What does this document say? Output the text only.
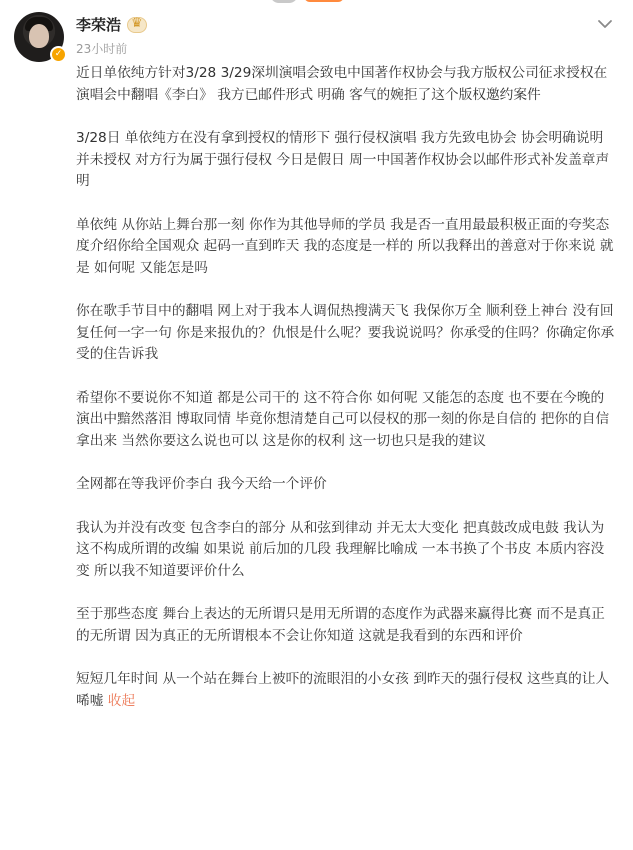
✓
李荣浩
♛
23小时前

近日单依纯方针对3/28 3/29深圳演唱会致电中国著作权协会与我方版权公司征求授权在演唱会中翻唱《李白》 我方已邮件形式 明确 客气的婉拒了这个版权邀约案件

3/28日 单依纯方在没有拿到授权的情形下 强行侵权演唱 我方先致电协会 协会明确说明 并未授权 对方行为属于强行侵权 今日是假日 周一中国著作权协会以邮件形式补发盖章声明

单依纯 从你站上舞台那一刻 你作为其他导师的学员 我是否一直用最最积极正面的夸奖态度介绍你给全国观众 起码一直到昨天 我的态度是一样的 所以我释出的善意对于你来说 就是 如何呢 又能怎是吗

你在歌手节目中的翻唱 网上对于我本人调侃热搜满天飞 我保你万全 顺利登上神台 没有回复任何一字一句 你是来报仇的？仇恨是什么呢？要我说说吗？你承受的住吗？你确定你承受的住告诉我

希望你不要说你不知道 都是公司干的 这不符合你 如何呢 又能怎的态度 也不要在今晚的演出中黯然落泪 博取同情 毕竟你想清楚自己可以侵权的那一刻的你是自信的 把你的自信拿出来 当然你要这么说也可以 这是你的权利 这一切也只是我的建议

全网都在等我评价李白 我今天给一个评价

我认为并没有改变 包含李白的部分 从和弦到律动 并无太大变化 把真鼓改成电鼓 我认为这不构成所谓的改编 如果说 前后加的几段 我理解比喻成 一本书换了个书皮 本质内容没变 所以我不知道要评价什么

至于那些态度 舞台上表达的无所谓只是用无所谓的态度作为武器来赢得比赛 而不是真正的无所谓 因为真正的无所谓根本不会让你知道 这就是我看到的东西和评价

短短几年时间 从一个站在舞台上被吓的流眼泪的小女孩 到昨天的强行侵权 这些真的让人唏嘘 收起
